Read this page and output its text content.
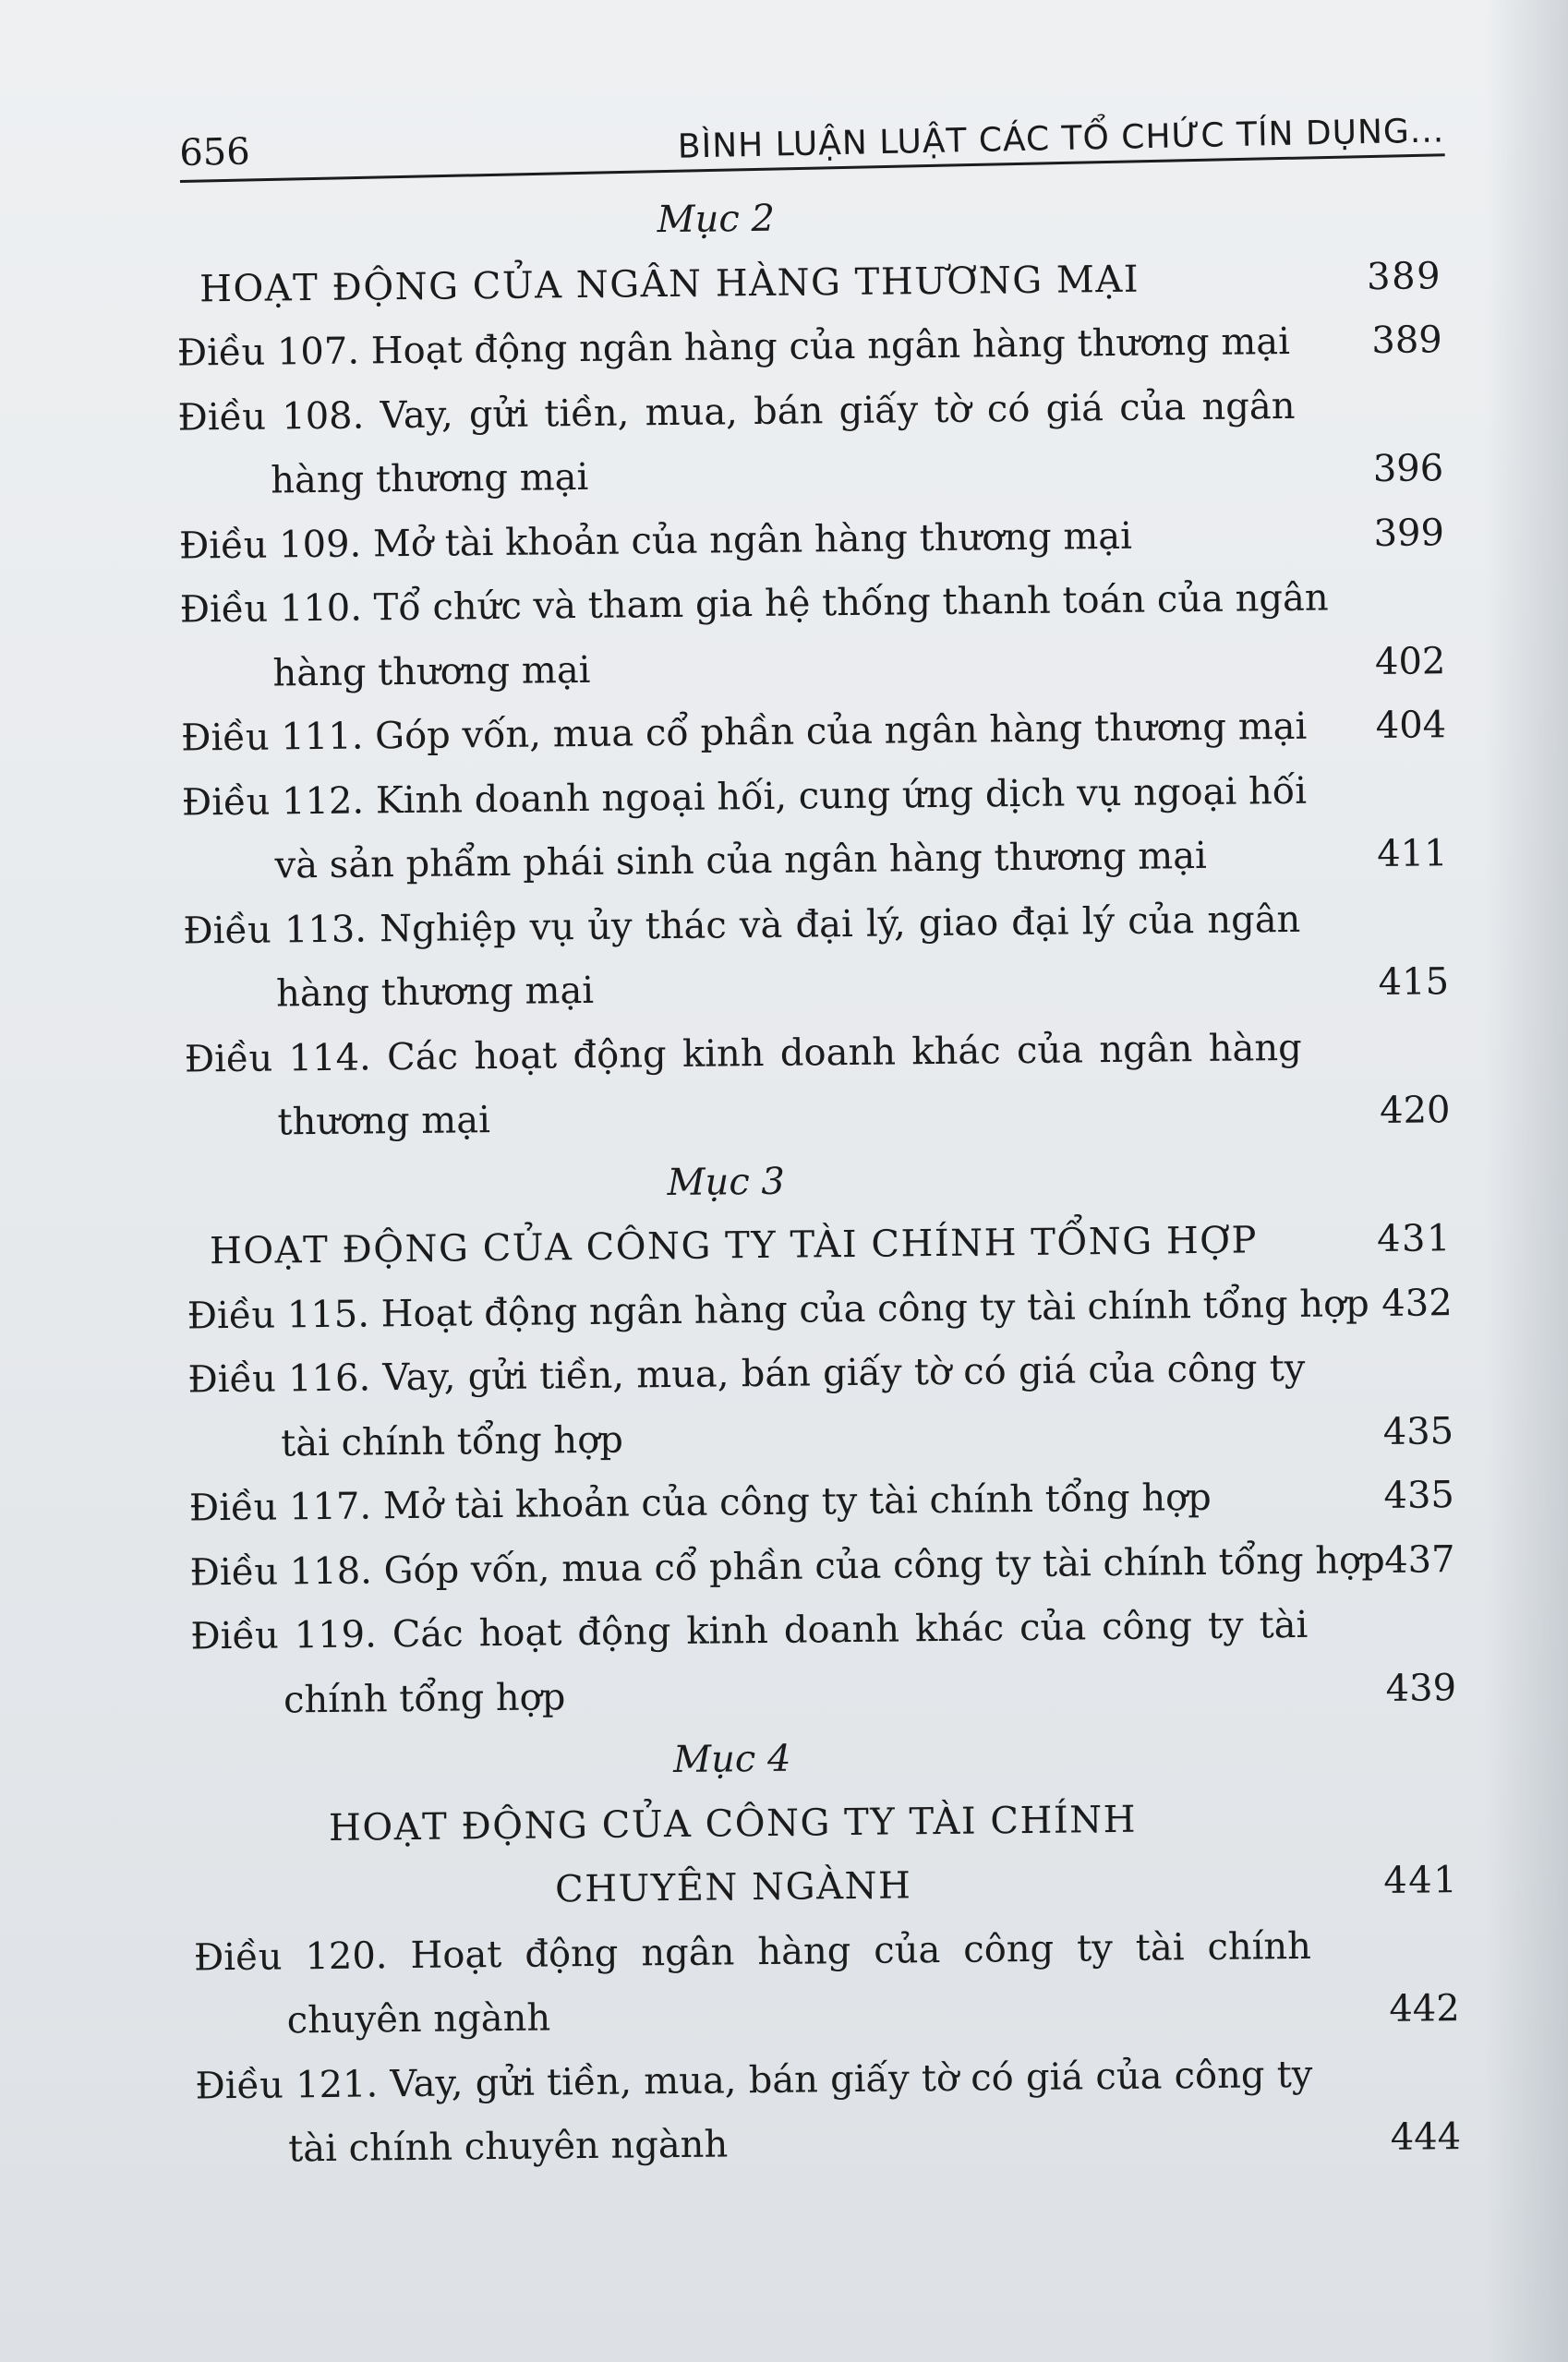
656	BÌNH LUẬN LUẬT CÁC TỔ CHỨC TÍN DỤNG...
Mục 2
HOẠT ĐỘNG CỦA NGÂN HÀNG THƯƠNG MẠI	389
Điều 107. Hoạt động ngân hàng của ngân hàng thương mại 389
Điều 108. Vay, gửi tiền, mua, bán giấy tờ có giá của ngân
hàng thương mại	396
Điều 109. Mở tài khoản của ngân hàng thương mại	399
Điều 110. Tổ chức và tham gia hệ thống thanh toán của ngân
hàng thương mại	402
Điều 111. Góp vốn, mua cổ phần của ngân hàng thương mại 404
Điều 112. Kinh doanh ngoại hối, cung ứng dịch vụ ngoại hối
và sản phẩm phái sinh của ngân hàng thương mại	411
Điều 113. Nghiệp vụ ủy thác và đại lý, giao đại lý của ngân
hàng thương mại	415
Điều 114. Các hoạt động kinh doanh khác của ngân hàng
thương mại	420
Mục 3
HOẠT ĐỘNG CỦA CÔNG TY TÀI CHÍNH TỔNG HỢP	431
Điều 115. Hoạt động ngân hàng của công ty tài chính tổng hợp 432
Điều 116. Vay, gửi tiền, mua, bán giấy tờ có giá của công ty
tài chính tổng hợp	435
Điều 117. Mở tài khoản của công ty tài chính tổng hợp	435
Điều 118. Góp vốn, mua cổ phần của công ty tài chính tổng hợp 437
Điều 119. Các hoạt động kinh doanh khác của công ty tài
chính tổng hợp	439
Mục 4
HOẠT ĐỘNG CỦA CÔNG TY TÀI CHÍNH
CHUYÊN NGÀNH	441
Điều 120. Hoạt động ngân hàng của công ty tài chính
chuyên ngành	442
Điều 121. Vay, gửi tiền, mua, bán giấy tờ có giá của công ty
tài chính chuyên ngành	444
